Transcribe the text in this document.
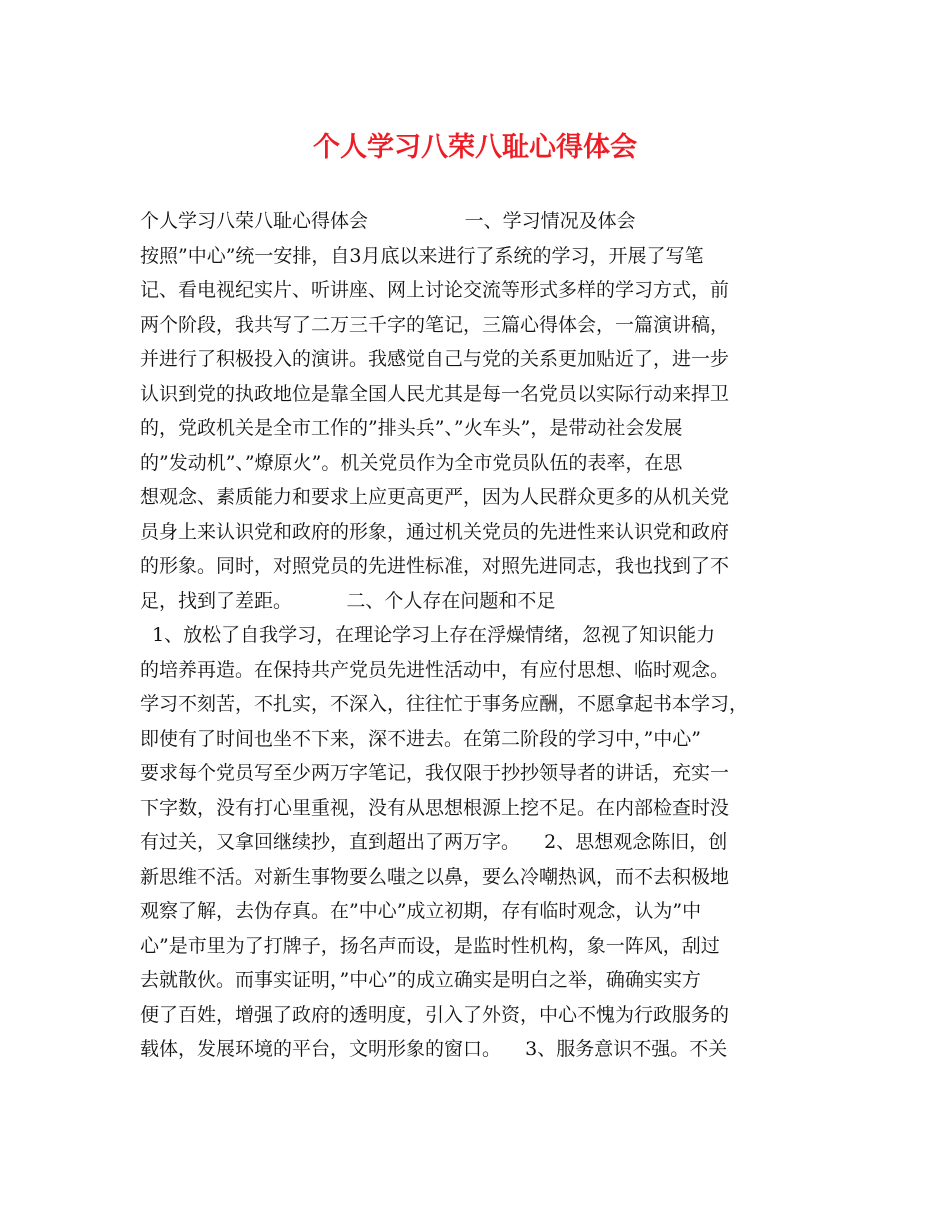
个人学习八荣八耻心得体会
个人学习八荣八耻心得体会                一、学习情况及体会
按照”中心”统一安排，自3月底以来进行了系统的学习，开展了写笔
记、看电视纪实片、听讲座、网上讨论交流等形式多样的学习方式，前
两个阶段，我共写了二万三千字的笔记，三篇心得体会，一篇演讲稿，
并进行了积极投入的演讲。我感觉自己与党的关系更加贴近了，进一步
认识到党的执政地位是靠全国人民尤其是每一名党员以实际行动来捍卫
的，党政机关是全市工作的”排头兵”、”火车头”，是带动社会发展
的”发动机”、”燎原火”。机关党员作为全市党员队伍的表率，在思
想观念、素质能力和要求上应更高更严，因为人民群众更多的从机关党
员身上来认识党和政府的形象，通过机关党员的先进性来认识党和政府
的形象。同时，对照党员的先进性标准，对照先进同志，我也找到了不
足，找到了差距。         二、个人存在问题和不足
1、放松了自我学习，在理论学习上存在浮燥情绪，忽视了知识能力
的培养再造。在保持共产党员先进性活动中，有应付思想、临时观念。
学习不刻苦，不扎实，不深入，往往忙于事务应酬，不愿拿起书本学习，
即使有了时间也坐不下来，深不进去。在第二阶段的学习中，”中心”
要求每个党员写至少两万字笔记，我仅限于抄抄领导者的讲话，充实一
下字数，没有打心里重视，没有从思想根源上挖不足。在内部检查时没
有过关，又拿回继续抄，直到超出了两万字。    2、思想观念陈旧，创
新思维不活。对新生事物要么嗤之以鼻，要么冷嘲热讽，而不去积极地
观察了解，去伪存真。在”中心”成立初期，存有临时观念，认为”中
心”是市里为了打牌子，扬名声而设，是监时性机构，象一阵风，刮过
去就散伙。而事实证明，”中心”的成立确实是明白之举，确确实实方
便了百姓，增强了政府的透明度，引入了外资，中心不愧为行政服务的
载体，发展环境的平台，文明形象的窗口。    3、服务意识不强。不关
